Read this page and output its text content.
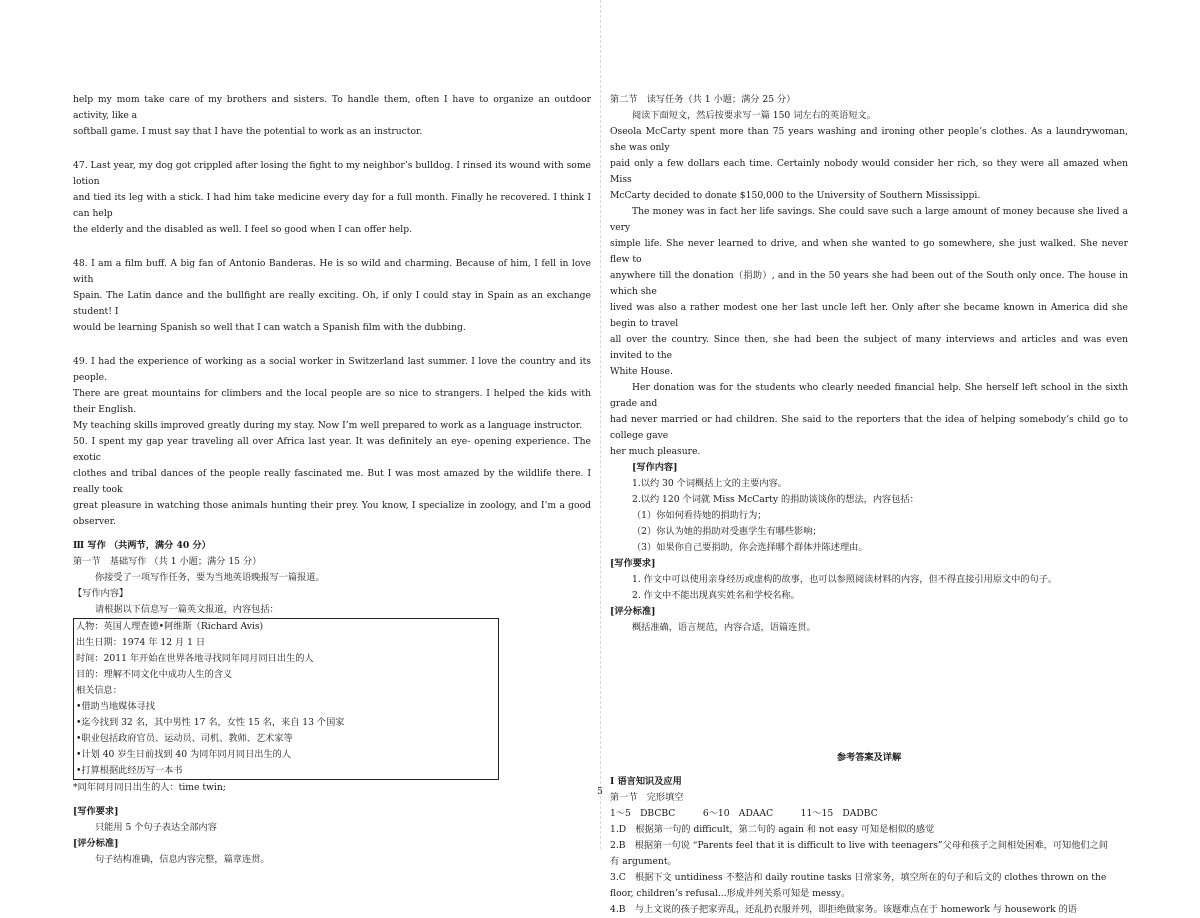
help my mom take care of my brothers and sisters. To handle them, often I have to organize an outdoor activity, like a

softball game. I must say that I have the potential to work as an instructor.

47. Last year, my dog got crippled after losing the fight to my neighbor’s bulldog. I rinsed its wound with some lotion

and tied its leg with a stick. I had him take medicine every day for a full month. Finally he recovered. I think I can help

the elderly and the disabled as well. I feel so good when I can offer help.

48. I am a film buff. A big fan of Antonio Banderas. He is so wild and charming. Because of him, I fell in love with

Spain. The Latin dance and the bullfight are really exciting. Oh, if only I could stay in Spain as an exchange student! I

would be learning Spanish so well that I can watch a Spanish film with the dubbing.

49. I had the experience of working as a social worker in Switzerland last summer. I love the country and its people.

There are great mountains for climbers and the local people are so nice to strangers. I helped the kids with their English.

My teaching skills improved greatly during my stay. Now I’m well prepared to work as a language instructor.

50. I spent my gap year traveling all over Africa last year. It was definitely an eye- opening experience. The exotic

clothes and tribal dances of the people really fascinated me. But I was most amazed by the wildlife there. I really took

great pleasure in watching those animals hunting their prey. You know, I specialize in zoology, and I’m a good observer.

Ⅲ 写作 （共两节，满分 40 分）

第一节　基础写作 （共 1 小题；满分 15 分）

你接受了一项写作任务，要为当地英语晚报写一篇报道。

【写作内容】

请根据以下信息写一篇英文报道，内容包括：

人物：英国人理查德•阿维斯（Richard Avis)
出生日期：1974 年 12 月 1 日
时间：2011 年开始在世界各地寻找同年同月同日出生的人
目的：理解不同文化中成功人生的含义
相关信息：
•借助当地媒体寻找
•迄今找到 32 名，其中男性 17 名，女性 15 名，来自 13 个国家
•职业包括政府官员、运动员、司机、教师、艺术家等
•计划 40 岁生日前找到 40 为同年同月同日出生的人
•打算根据此经历写一本书

*同年同月同日出生的人：time twin;

[写作要求]

只能用 5 个句子表达全部内容

[评分标准]

句子结构准确，信息内容完整，篇章连贯。

第二节　读写任务（共 1 小题；满分 25 分）

阅读下面短文，然后按要求写一篇 150 词左右的英语短文。

Oseola McCarty spent more than 75 years washing and ironing other people’s clothes. As a laundrywoman, she was only

paid only a few dollars each time. Certainly nobody would consider her rich, so they were all amazed when Miss

McCarty decided to donate $150,000 to the University of Southern Mississippi.

The money was in fact her life savings. She could save such a large amount of money because she lived a very

simple life. She never learned to drive, and when she wanted to go somewhere, she just walked. She never flew to

anywhere till the donation（捐助）, and in the 50 years she had been out of the South only once. The house in which she

lived was also a rather modest one her last uncle left her. Only after she became known in America did she begin to travel

all over the country. Since then, she had been the subject of many interviews and articles and was even invited to the

White House.

Her donation was for the students who clearly needed financial help. She herself left school in the sixth grade and

had never married or had children. She said to the reporters that the idea of helping somebody’s child go to college gave

her much pleasure.

[写作内容]

1.以约 30 个词概括上文的主要内容。

2.以约 120 个词就 Miss McCarty 的捐助谈谈你的想法，内容包括：

（1）你如何看待她的捐助行为；

（2）你认为她的捐助对受惠学生有哪些影响；

（3）如果你自己要捐助，你会选择哪个群体并陈述理由。

[写作要求]

1. 作文中可以使用亲身经历或虚构的故事，也可以参照阅读材料的内容，但不得直接引用原文中的句子。

2. 作文中不能出现真实姓名和学校名称。

[评分标准]

概括准确，语言规范，内容合适，语篇连贯。

参考答案及详解

I 语言知识及应用

第一节　完形填空

1～5　DBCBC　　　6～10　ADAAC　　　11～15　DADBC

1.D　根据第一句的 difficult，第二句的 again 和 not easy 可知是相似的感觉

2.B　根据第一句说 “Parents feel that it is difficult to live with teenagers”父母和孩子之间相处困难，可知他们之间

有 argument。

3.C　根据下文 untidiness 不整洁和 daily routine tasks 日常家务，填空所在的句子和后文的 clothes thrown on the

floor, children’s refusal...形成并列关系可知是 messy。

4.B　与上文说的孩子把家弄乱，还乱扔衣服并列，即拒绝做家务。该题难点在于 homework 与 housework 的语

5
